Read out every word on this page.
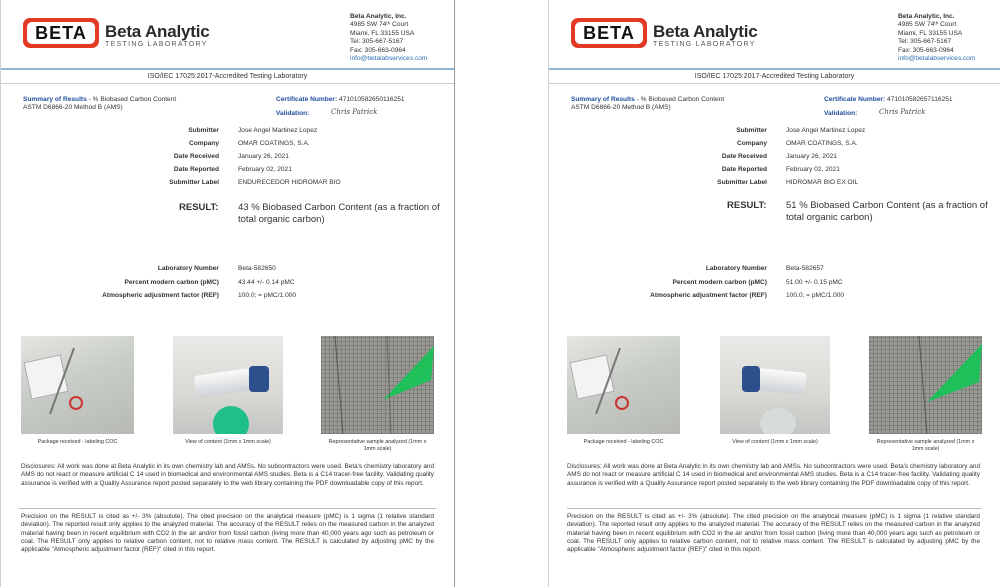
BETA	Beta Analytic
TESTING LABORATORY
Beta Analytic, Inc.
4985 SW 74ᵗʰ Court
Miami, FL 33155 USA
Tel: 305-667-5167
Fax: 305-663-0964
info@betalabservices.com
ISO/IEC 17025:2017-Accredited Testing Laboratory
Summary of Results - % Biobased Carbon Content
ASTM D6866-20 Method B (AMS)
Certificate Number: 471010582650116251
Validation:	Chris Patrick
Submitter	Jose Angel Martinez Lopez
Company	OMAR COATINGS, S.A.
Date Received	January 26, 2021
Date Reported	February 02, 2021
Submitter Label	ENDURECEDOR HIDROMAR BIO
RESULT: 43 % Biobased Carbon Content (as a fraction of total organic carbon)
Laboratory Number	Beta-582650
Percent modern carbon (pMC)	43.44 +/- 0.14 pMC
Atmospheric adjustment factor (REF)	100.0; = pMC/1.000
Package received - labeling COC	View of content (1mm x 1mm scale)	Representative sample analyzed (1mm x
1mm scale)
Disclosures: All work was done at Beta Analytic in its own chemistry lab and AMSs. No subcontractors were used. Beta's chemistry laboratory and AMS do not react or measure artificial C 14 used in biomedical and environmental AMS studies. Beta is a C14 tracer-free facility. Validating quality assurance is verified with a Quality Assurance report posted separately to the web library containing the PDF downloadable copy of this report.
Precision on the RESULT is cited as +/- 3% (absolute). The cited precision on the analytical measure (pMC) is 1 sigma (1 relative standard deviation). The reported result only applies to the analyzed material. The accuracy of the RESULT relies on the measured carbon in the analyzed material having been in recent equilibrium with CO2 in the air and/or from fossil carbon (living more than 40,000 years ago such as petroleum or coal. The RESULT only applies to relative carbon content, not to relative mass content. The RESULT is calculated by adjusting pMC by the applicable "Atmospheric adjustment factor (REF)" cited in this report.
BETA	Beta Analytic
TESTING LABORATORY
Beta Analytic, Inc.
4985 SW 74ᵗʰ Court
Miami, FL 33155 USA
Tel: 305-667-5167
Fax: 305-663-0964
info@betalabservices.com
ISO/IEC 17025:2017-Accredited Testing Laboratory
Summary of Results - % Biobased Carbon Content
ASTM D6866-20 Method B (AMS)
Certificate Number: 471010582657116251
Validation:	Chris Patrick
Submitter	Jose Angel Martinez Lopez
Company	OMAR COATINGS, S.A.
Date Received	January 26, 2021
Date Reported	February 02, 2021
Submitter Label	HIDROMAR BIO EX OIL
RESULT: 51 % Biobased Carbon Content (as a fraction of total organic carbon)
Laboratory Number	Beta-582657
Percent modern carbon (pMC)	51.00 +/- 0.15 pMC
Atmospheric adjustment factor (REF)	100.0; = pMC/1.000
Package received - labeling COC	View of content (1mm x 1mm scale)	Representative sample analyzed (1mm x
1mm scale)
Disclosures: All work was done at Beta Analytic in its own chemistry lab and AMSs. No subcontractors were used. Beta's chemistry laboratory and AMS do not react or measure artificial C 14 used in biomedical and environmental AMS studies. Beta is a C14 tracer-free facility. Validating quality assurance is verified with a Quality Assurance report posted separately to the web library containing the PDF downloadable copy of this report.
Precision on the RESULT is cited as +/- 3% (absolute). The cited precision on the analytical measure (pMC) is 1 sigma (1 relative standard deviation). The reported result only applies to the analyzed material. The accuracy of the RESULT relies on the measured carbon in the analyzed material having been in recent equilibrium with CO2 in the air and/or from fossil carbon (living more than 40,000 years ago such as petroleum or coal. The RESULT only applies to relative carbon content, not to relative mass content. The RESULT is calculated by adjusting pMC by the applicable "Atmospheric adjustment factor (REF)" cited in this report.
